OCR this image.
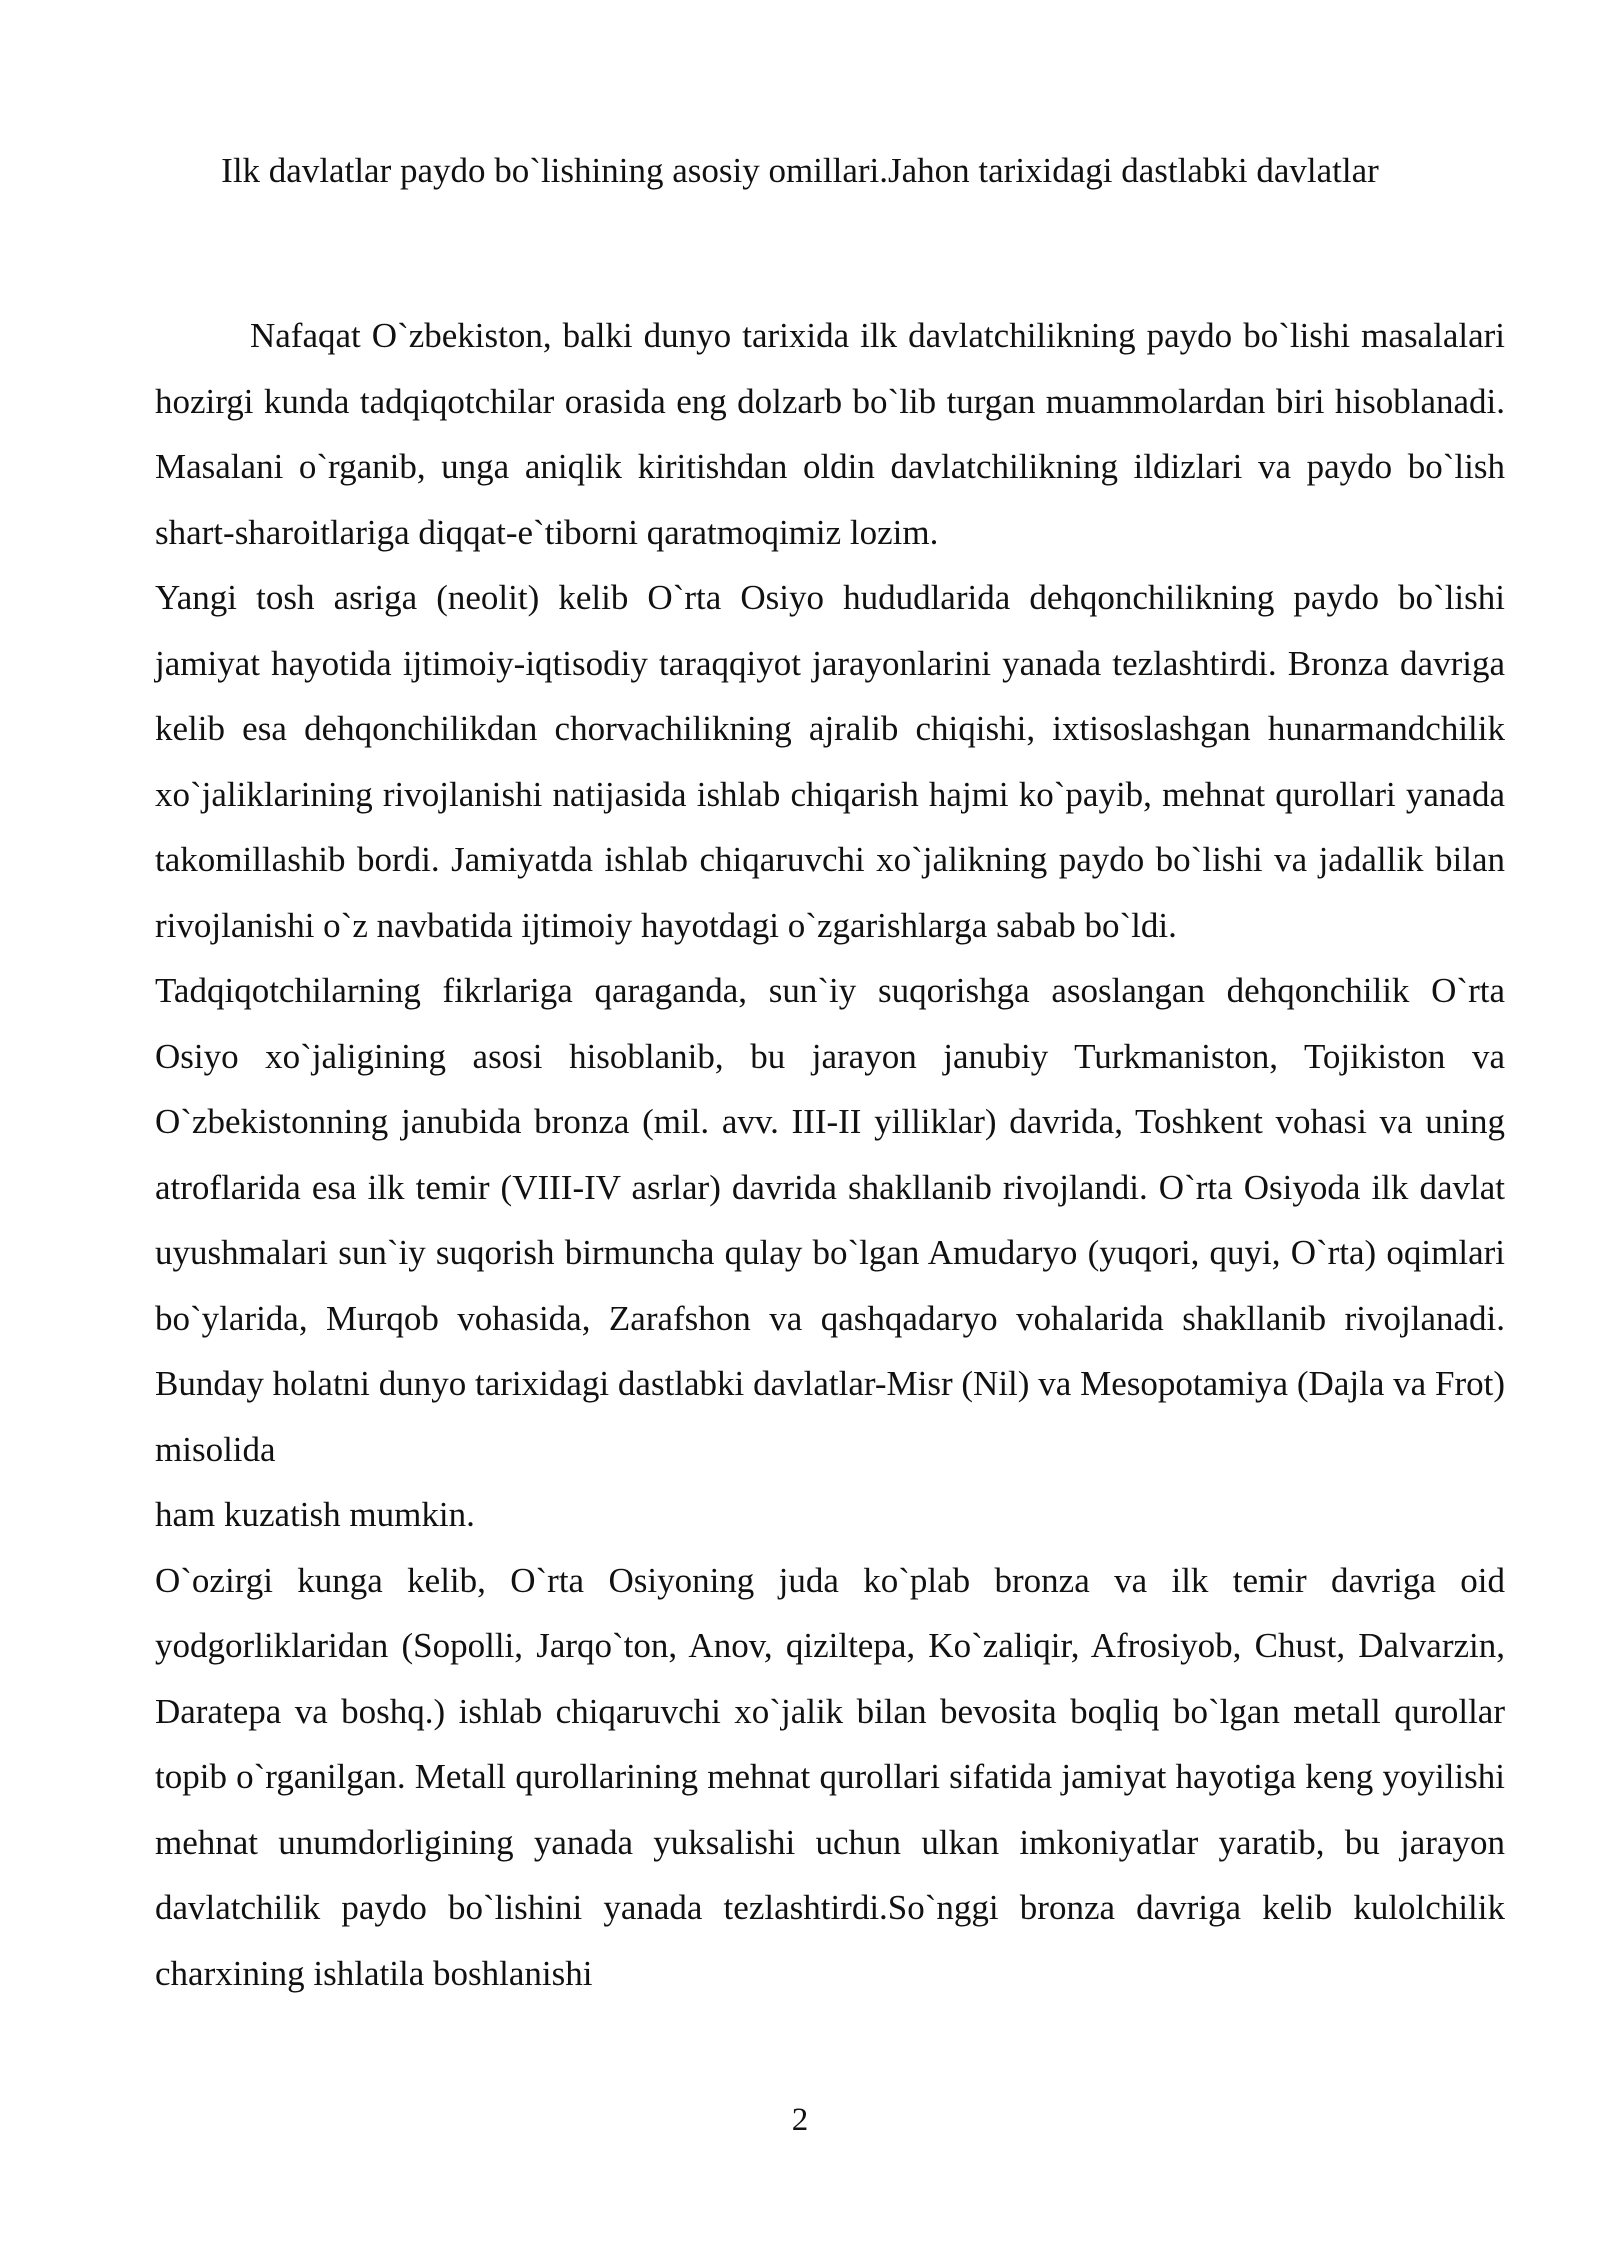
Ilk davlatlar paydo bo`lishining asosiy omillari.Jahon tarixidagi dastlabki davlatlar

Nafaqat O`zbekiston, balki dunyo tarixida ilk davlatchilikning paydo bo`lishi masalalari hozirgi kunda tadqiqotchilar orasida eng dolzarb bo`lib turgan muammolardan biri hisoblanadi. Masalani o`rganib, unga aniqlik kiritishdan oldin davlatchilikning ildizlari va paydo bo`lish shart-sharoitlariga diqqat-e`tiborni qaratmoqimiz lozim.

Yangi tosh asriga (neolit) kelib O`rta Osiyo hududlarida dehqonchilikning paydo bo`lishi jamiyat hayotida ijtimoiy-iqtisodiy taraqqiyot jarayonlarini yanada tezlashtirdi. Bronza davriga kelib esa dehqonchilikdan chorvachilikning ajralib chiqishi, ixtisoslashgan hunarmandchilik xo`jaliklarining rivojlanishi natijasida ishlab chiqarish hajmi ko`payib, mehnat qurollari yanada takomillashib bordi. Jamiyatda ishlab chiqaruvchi xo`jalikning paydo bo`lishi va jadallik bilan rivojlanishi o`z navbatida ijtimoiy hayotdagi o`zgarishlarga sabab bo`ldi.

Tadqiqotchilarning fikrlariga qaraganda, sun`iy suqorishga asoslangan dehqonchilik O`rta Osiyo xo`jaligining asosi hisoblanib, bu jarayon janubiy Turkmaniston, Tojikiston va O`zbekistonning janubida bronza (mil. avv. III-II yilliklar) davrida, Toshkent vohasi va uning atroflarida esa ilk temir (VIII-IV asrlar) davrida shakllanib rivojlandi. O`rta Osiyoda ilk davlat uyushmalari sun`iy suqorish birmuncha qulay bo`lgan Amudaryo (yuqori, quyi, O`rta) oqimlari bo`ylarida, Murqob vohasida, Zarafshon va qashqadaryo vohalarida shakllanib rivojlanadi. Bunday holatni dunyo tarixidagi dastlabki davlatlar-Misr (Nil) va Mesopotamiya (Dajla va Frot) misolida

ham kuzatish mumkin.

O`ozirgi kunga kelib, O`rta Osiyoning juda ko`plab bronza va ilk temir davriga oid yodgorliklaridan (Sopolli, Jarqo`ton, Anov, qiziltepa, Ko`zaliqir, Afrosiyob, Chust, Dalvarzin, Daratepa va boshq.) ishlab chiqaruvchi xo`jalik bilan bevosita boqliq bo`lgan metall qurollar topib o`rganilgan. Metall qurollarining mehnat qurollari sifatida jamiyat hayotiga keng yoyilishi mehnat unumdorligining yanada yuksalishi uchun ulkan imkoniyatlar yaratib, bu jarayon davlatchilik paydo bo`lishini yanada tezlashtirdi.So`nggi bronza davriga kelib kulolchilik charxining ishlatila boshlanishi

2
